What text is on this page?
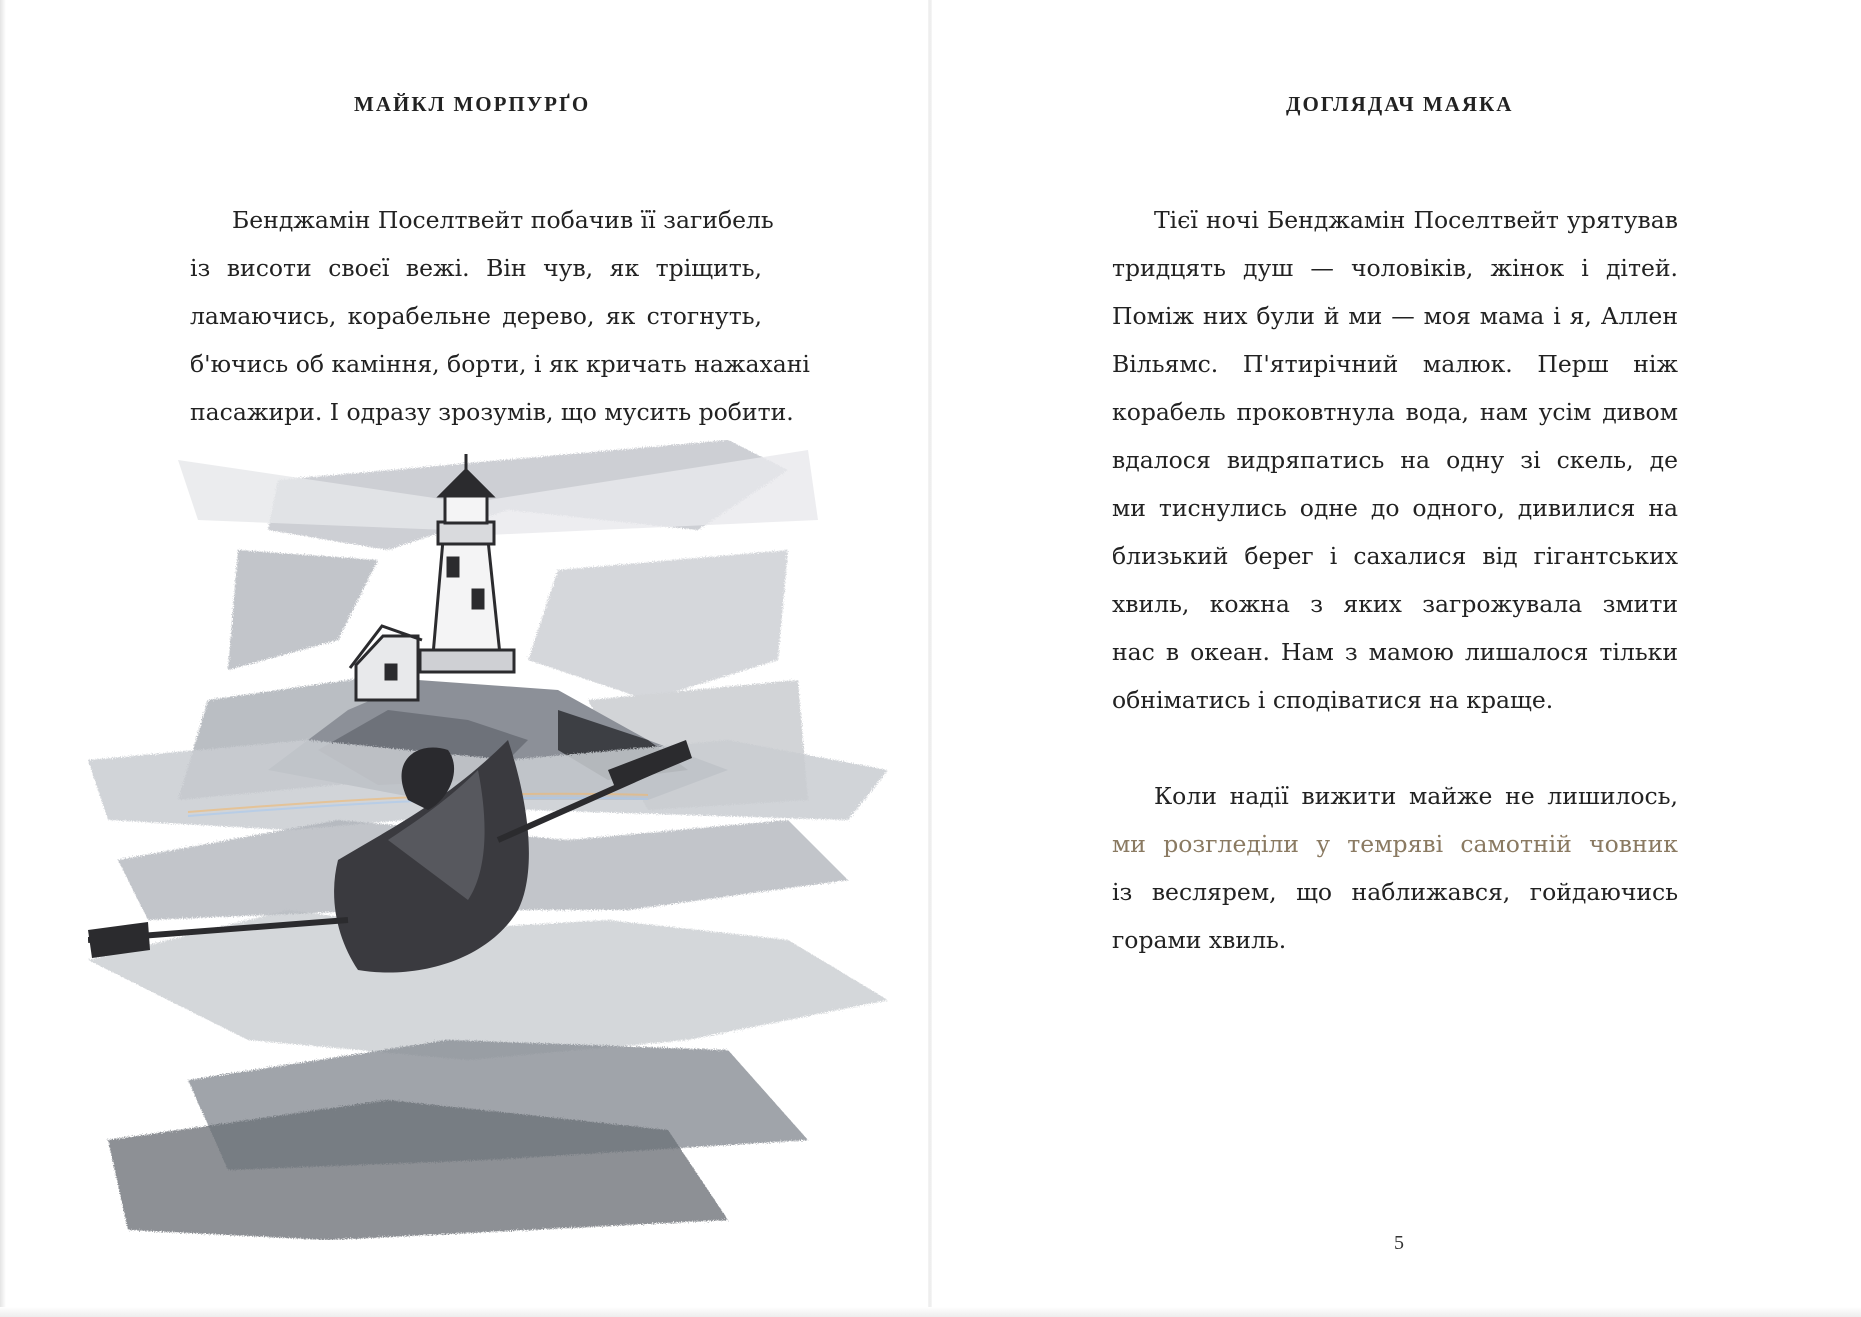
МАЙКЛ МОРПУРҐО
Бенджамін Поселтвейт побачив її загибель
із висоти своєї вежі. Він чув, як тріщить,
ламаючись, корабельне дерево, як стогнуть,
б'ючись об каміння, борти, і як кричать нажахані
пасажири. І одразу зрозумів, що мусить робити.
ДОГЛЯДАЧ МАЯКА
Тієї ночі Бенджамін Поселтвейт урятував
тридцять душ — чоловіків, жінок і дітей.
Поміж них були й ми — моя мама і я, Аллен
Вільямс. П'ятирічний малюк. Перш ніж
корабель проковтнула вода, нам усім дивом
вдалося видряпатись на одну зі скель, де
ми тиснулись одне до одного, дивилися на
близький берег і сахалися від гігантських
хвиль, кожна з яких загрожувала змити
нас в океан. Нам з мамою лишалося тільки
обніматись і сподіватися на краще.
Коли надії вижити майже не лишилось,
ми розгледіли у темряві самотній човник
із веслярем, що наближався, гойдаючись
горами хвиль.
5
